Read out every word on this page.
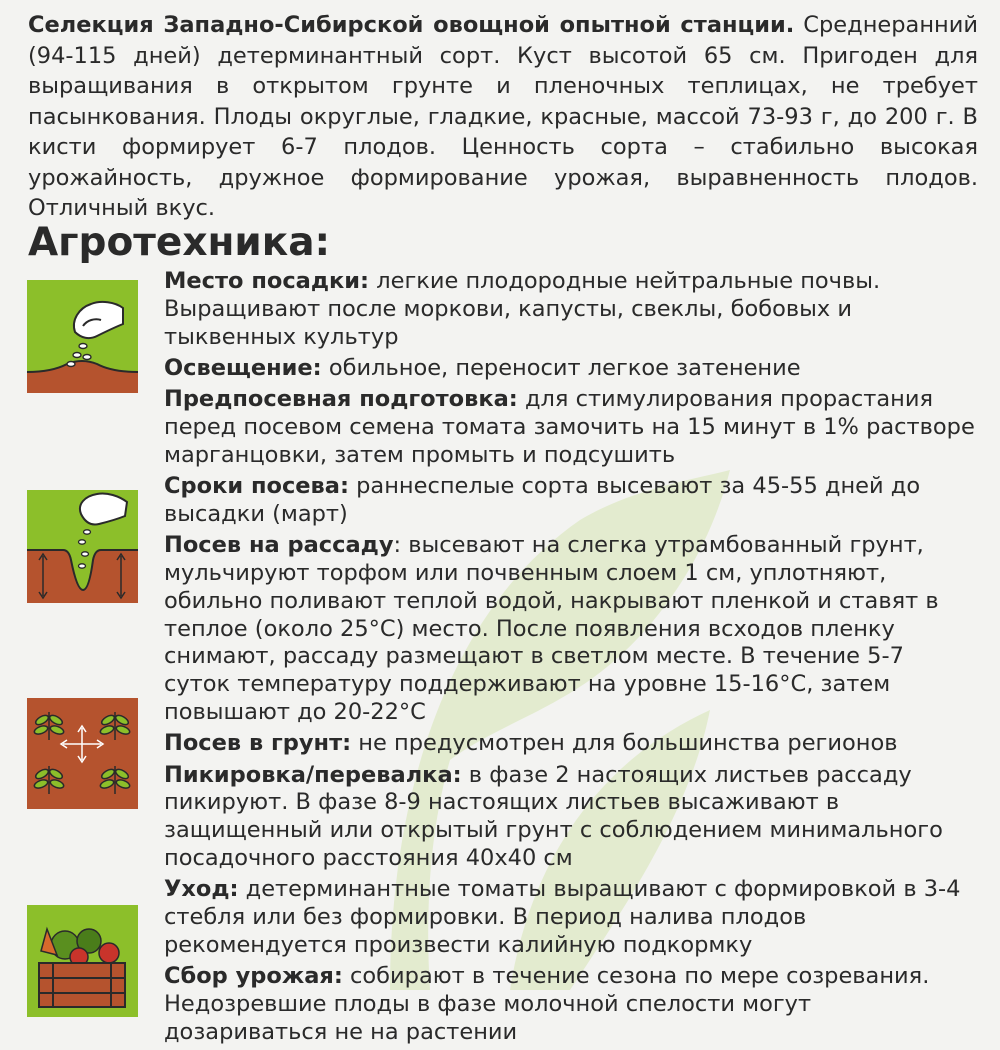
Селекция Западно-Сибирской овощной опытной станции. Среднеранний (94-115 дней) детерминантный сорт. Куст высотой 65 см. Пригоден для выращивания в открытом грунте и пленочных теплицах, не требует пасынкования. Плоды округлые, гладкие, красные, массой 73-93 г, до 200 г. В кисти формирует 6-7 плодов. Ценность сорта – стабильно высокая урожайность, дружное формирование урожая, выравненность плодов. Отличный вкус.
Агротехника:

Место посадки: легкие плодородные нейтральные почвы. Выращивают после моркови, капусты, свеклы, бобовых и тыквенных культур

Освещение: обильное, переносит легкое затенение

Предпосевная подготовка: для стимулирования прорастания перед посевом семена томата замочить на 15 минут в 1% растворе марганцовки, затем промыть и подсушить

Сроки посева: раннеспелые сорта высевают за 45-55 дней до высадки (март)

Посев на рассаду: высевают на слегка утрамбованный грунт, мульчируют торфом или почвенным слоем 1 см, уплотняют, обильно поливают теплой водой, накрывают пленкой и ставят в теплое (около 25°С) место. После появления всходов пленку снимают, рассаду размещают в светлом месте. В течение 5-7 суток температуру поддерживают на уровне 15-16°С, затем повышают до 20-22°С

Посев в грунт: не предусмотрен для большинства регионов

Пикировка/перевалка: в фазе 2 настоящих листьев рассаду пикируют. В фазе 8-9 настоящих листьев высаживают в защищенный или открытый грунт с соблюдением минимального посадочного расстояния 40х40 см

Уход: детерминантные томаты выращивают с формировкой в 3-4 стебля или без формировки. В период налива плодов рекомендуется произвести калийную подкормку

Сбор урожая: собирают в течение сезона по мере созревания. Недозревшие плоды в фазе молочной спелости могут дозариваться не на растении
